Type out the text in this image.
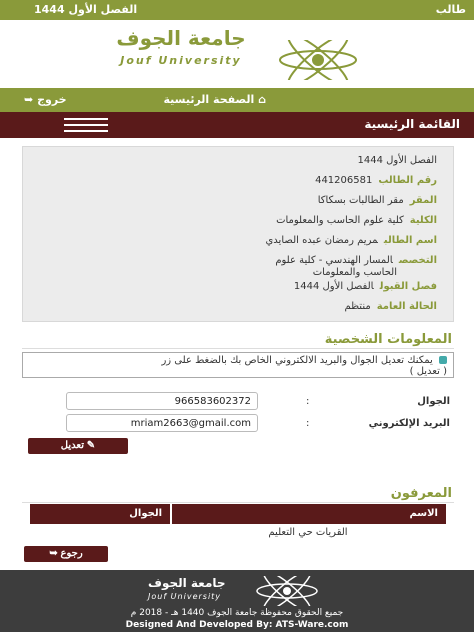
طالب
الفصل الأول 1444
جامعة الجوف
Jouf University
⌂ الصفحة الرئيسية
خروج ➥
القائمة الرئيسية
الفصل الأول 1444
رقم الطالب441206581
المقرمقر الطالبات بسكاكا
الكليةكلية علوم الحاسب والمعلومات
اسم الطالبمريم رمضان عبده الصايدي
التخصصالمسار الهندسي - كلية علوم
الحاسب والمعلومات
فصل القبولالفصل الأول 1444
الحالة العامةمنتظم
المعلومات الشخصية
يمكنك تعديل الجوال والبريد الالكتروني الخاص بك بالضغط على زر
( تعديل )
الجوال
:
966583602372
البريد الإلكتروني
:
mriam2663@gmail.com
✎ تعديل
المعرفون
الاسم
الجوال
القريات حي التعليم
رجوع ➥
جامعة الجوف
Jouf University
جميع الحقوق محفوظة جامعة الجوف 1440 هـ - 2018 م
Designed And Developed By: ATS-Ware.com
